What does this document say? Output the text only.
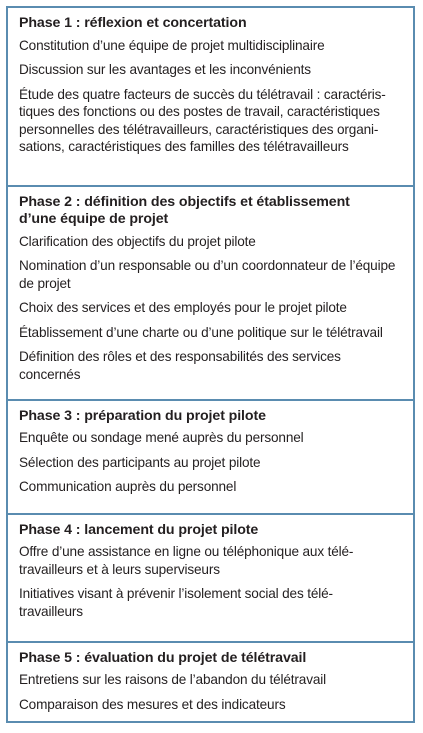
Phase 1 : réflexion et concertation
Constitution d’une équipe de projet multidisciplinaire
Discussion sur les avantages et les inconvénients
Étude des quatre facteurs de succès du télétravail : caractéris-
tiques des fonctions ou des postes de travail, caractéristiques
personnelles des télétravailleurs, caractéristiques des organi-
sations, caractéristiques des familles des télétravailleurs
Phase 2 : définition des objectifs et établissement
d’une équipe de projet
Clarification des objectifs du projet pilote
Nomination d’un responsable ou d’un coordonnateur de l’équipe
de projet
Choix des services et des employés pour le projet pilote
Établissement d’une charte ou d’une politique sur le télétravail
Définition des rôles et des responsabilités des services concernés
Phase 3 : préparation du projet pilote
Enquête ou sondage mené auprès du personnel
Sélection des participants au projet pilote
Communication auprès du personnel
Phase 4 : lancement du projet pilote
Offre d’une assistance en ligne ou téléphonique aux télé-
travailleurs et à leurs superviseurs
Initiatives visant à prévenir l’isolement social des télé-
travailleurs
Phase 5 : évaluation du projet de télétravail
Entretiens sur les raisons de l’abandon du télétravail
Comparaison des mesures et des indicateurs
